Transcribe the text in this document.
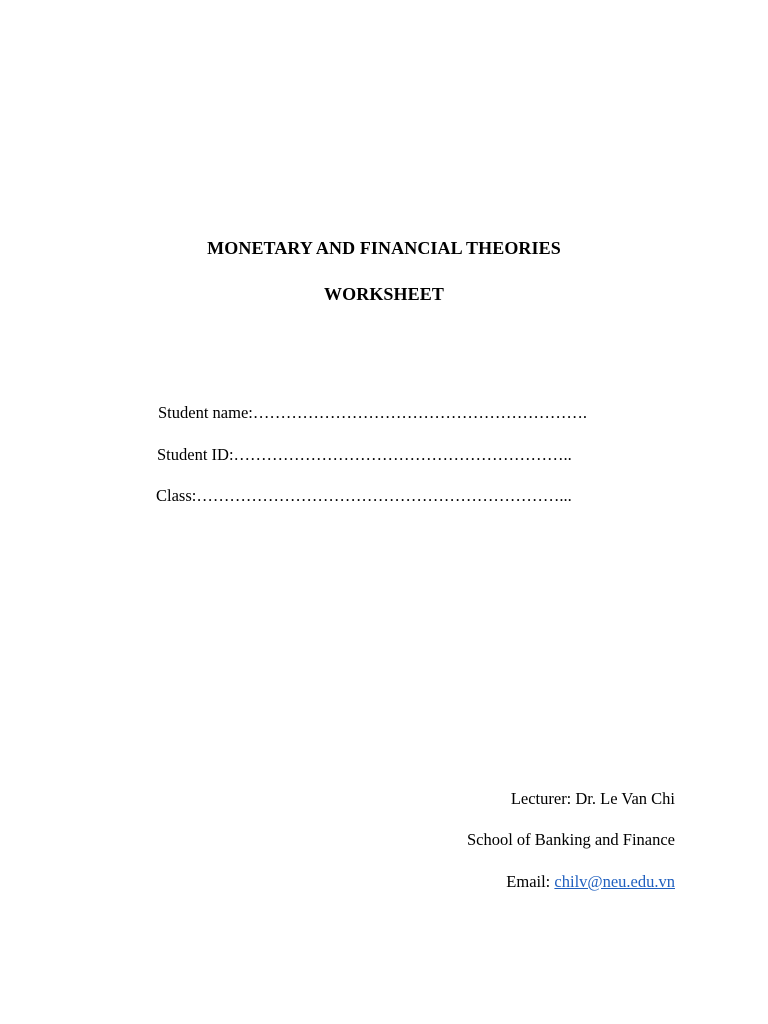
MONETARY AND FINANCIAL THEORIES
WORKSHEET
Student name:…………………………………………………….
Student ID:……………………………………………………..
Class:…………………………………………………………...
Lecturer: Dr. Le Van Chi
School of Banking and Finance
Email: chilv@neu.edu.vn
